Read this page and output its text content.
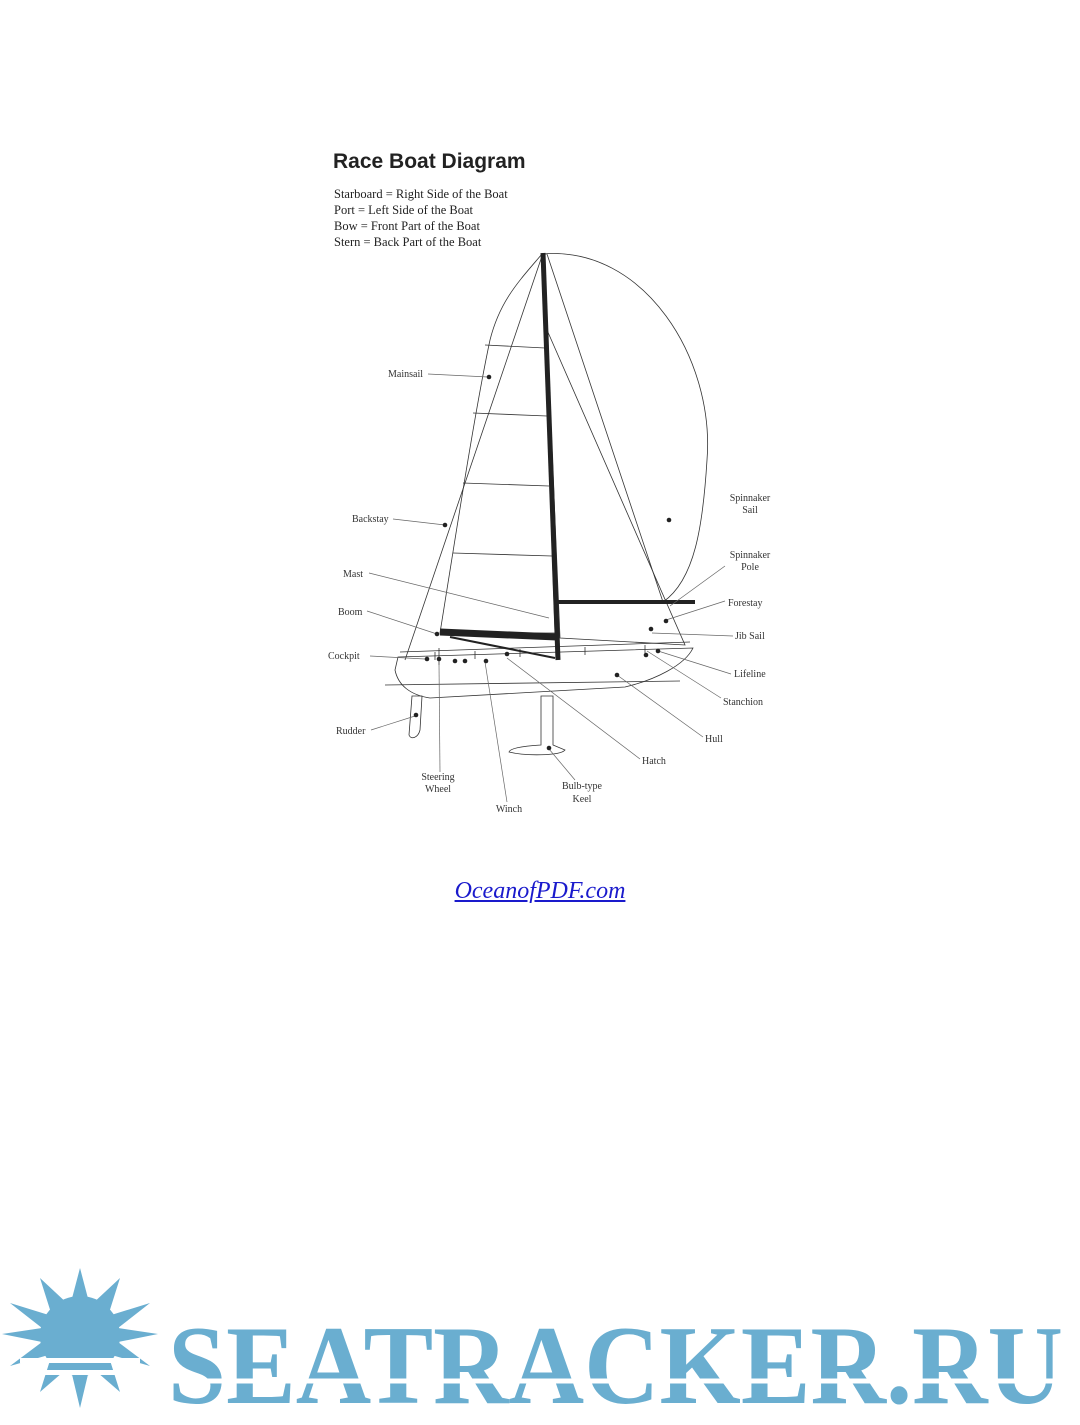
Mainsail
Backstay
Mast
Boom
Cockpit
Rudder
Steering
Wheel
Winch
Bulb-type
Keel
Hatch
Hull
Stanchion
Lifeline
Jib Sail
Forestay
Spinnaker
Pole
Spinnaker
Sail
Race Boat Diagram
Starboard = Right Side of the Boat
Port = Left Side of the Boat
Bow = Front Part of the Boat
Stern = Back Part of the Boat
OceanofPDF.com
SEATRACKER.RU
